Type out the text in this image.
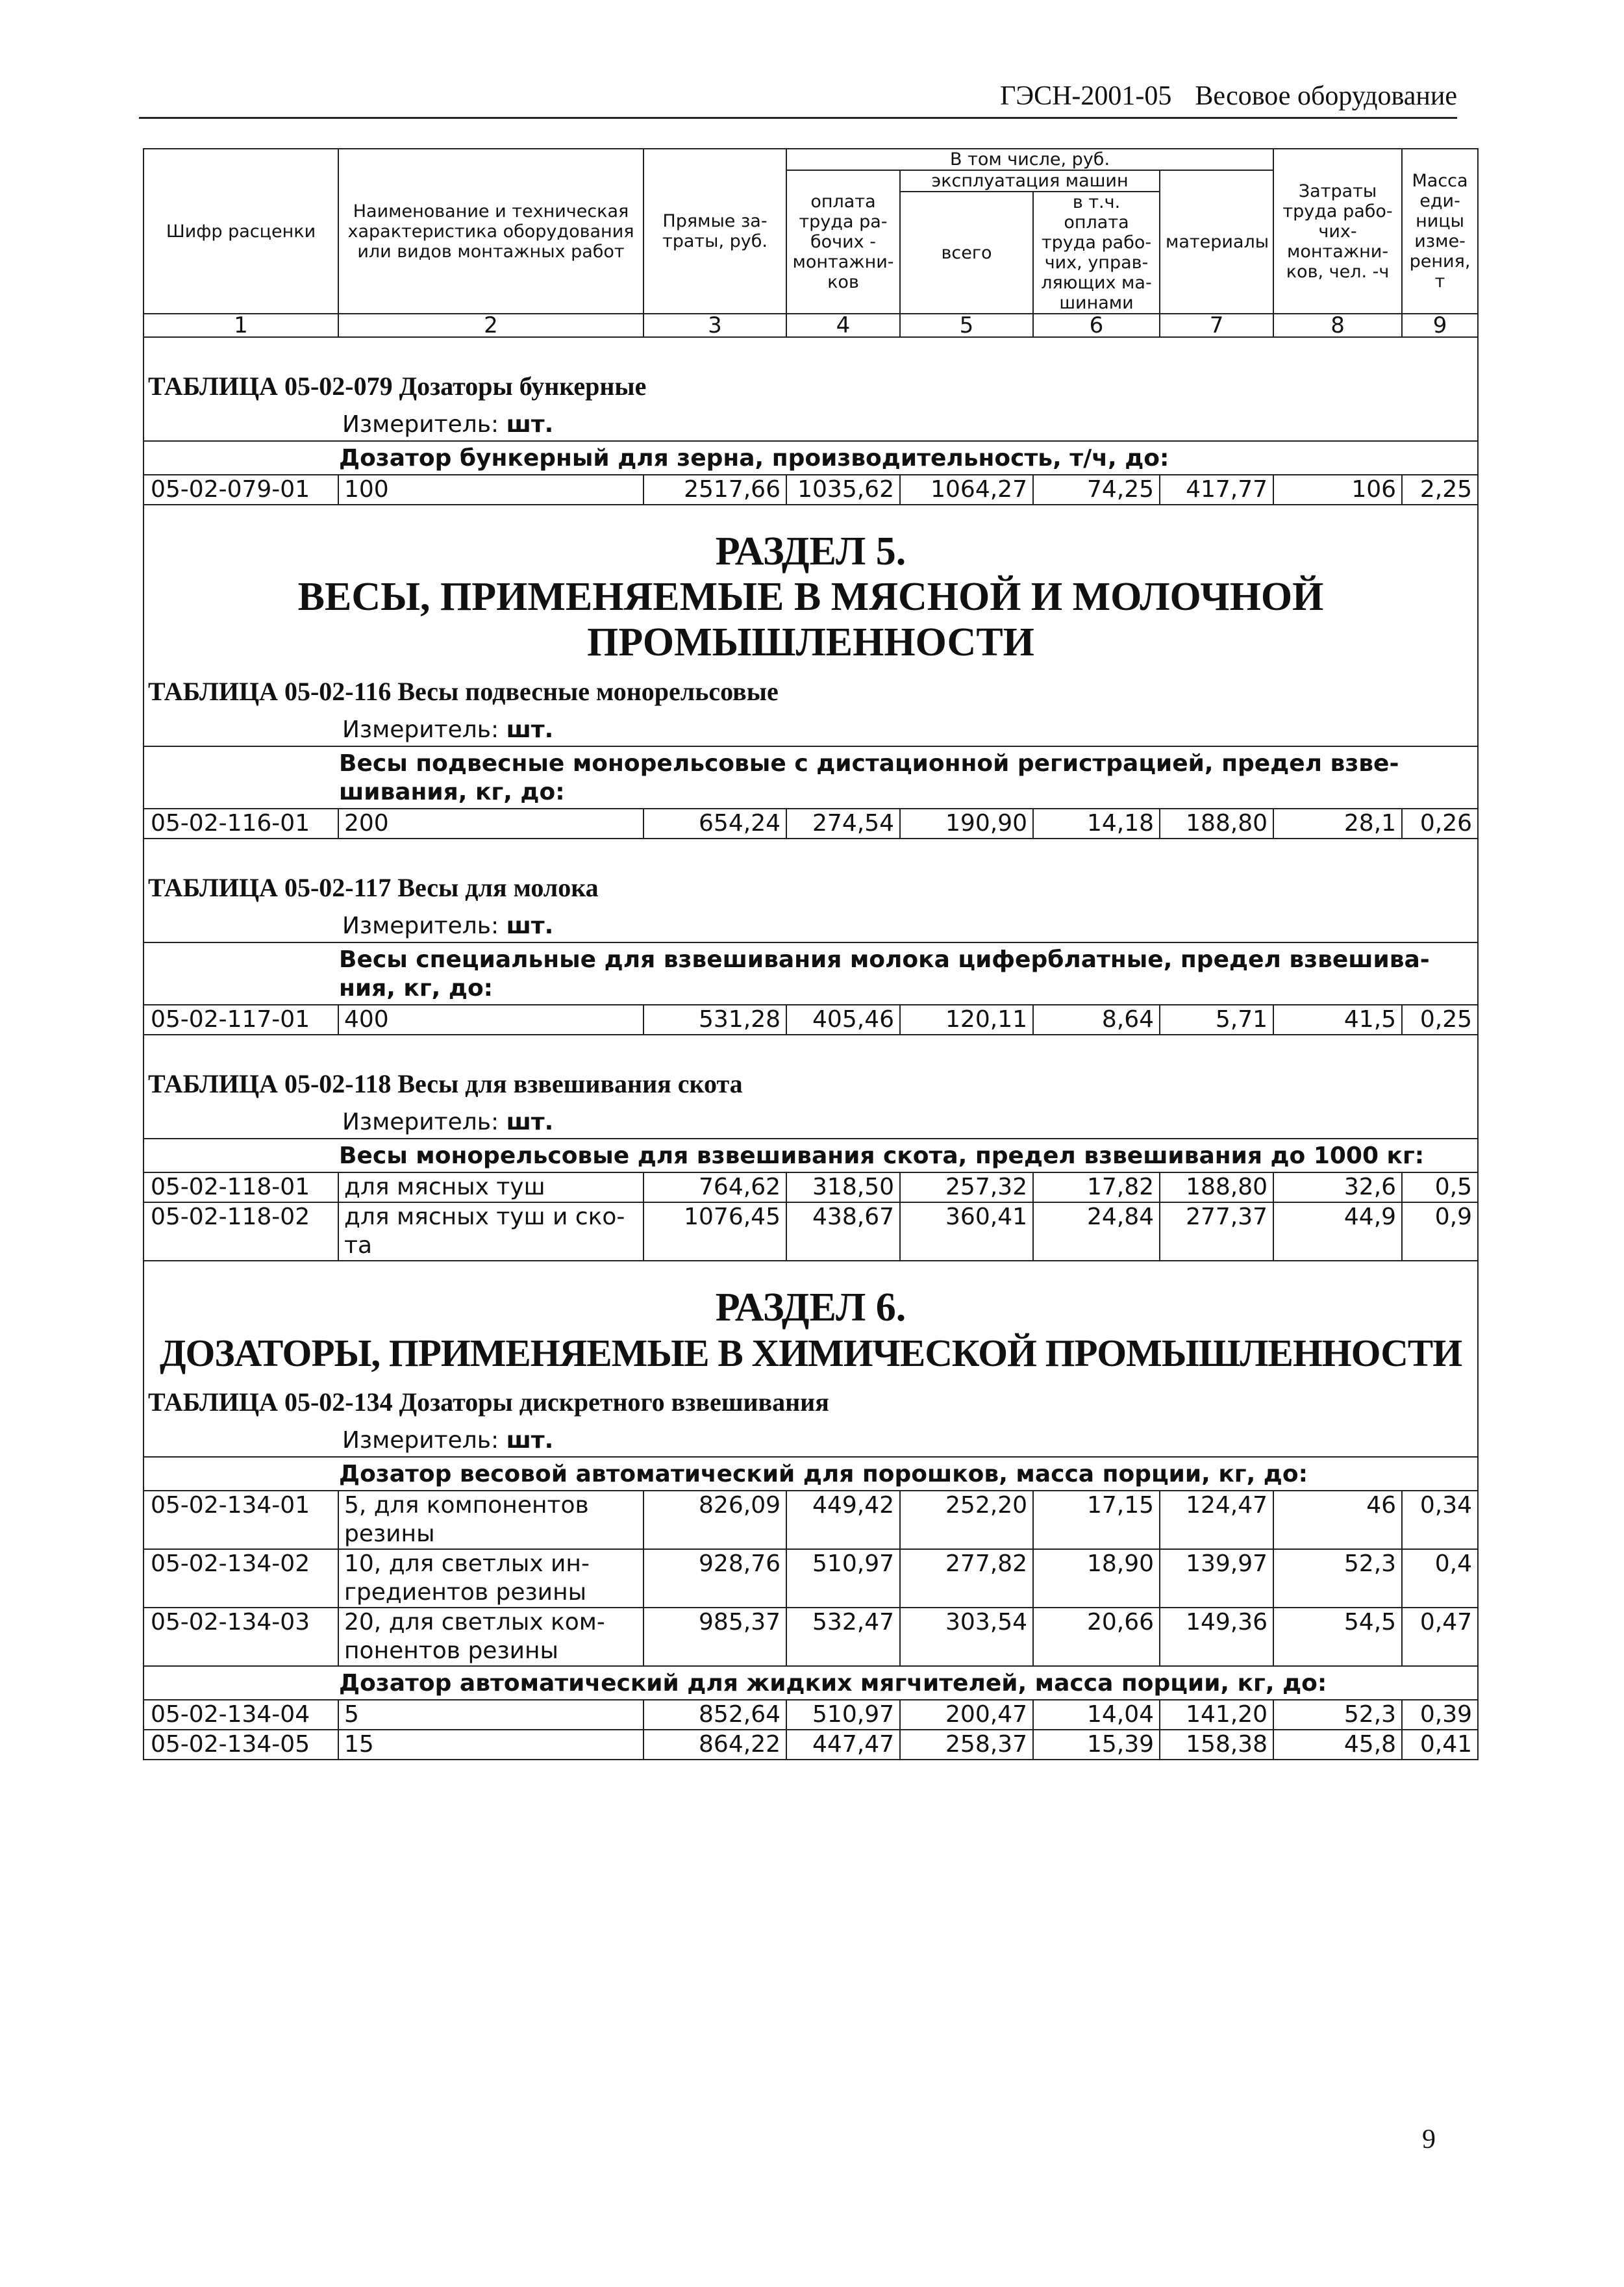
ГЭСН-2001-05 Весовое оборудование
Шифр расценки	Наименование и техническая характеристика оборудования или видов монтажных работ	Прямые за-траты, руб.	В том числе, руб.				Затраты труда рабо-чих-монтажни-ков, чел. -ч	Масса еди-ницы изме-рения, т
			оплата труда ра-бочих - монтажни-ков	эксплуатация машин		материалы		
				всего	в т.ч. оплата труда рабо-чих, управ-ляющих ма-шинами			
1	2	3	4	5	6	7	8	9

ТАБЛИЦА 05-02-079 Дозаторы бункерные
Измеритель: шт.								

Дозатор бункерный для зерна, производительность, т/ч, до:								
05-02-079-01	100	2517,66	1035,62	1064,27	74,25	417,77	106	2,25

РАЗДЕЛ 5.
ВЕСЫ, ПРИМЕНЯЕМЫЕ В МЯСНОЙ И МОЛОЧНОЙ
ПРОМЫШЛЕННОСТИ
ТАБЛИЦА 05-02-116 Весы подвесные монорельсовые
Измеритель: шт.								

Весы подвесные монорельсовые с дистационной регистрацией, предел взве-шивания, кг, до:								
05-02-116-01	200	654,24	274,54	190,90	14,18	188,80	28,1	0,26

ТАБЛИЦА 05-02-117 Весы для молока
Измеритель: шт.								

Весы специальные для взвешивания молока циферблатные, предел взвешива-ния, кг, до:								
05-02-117-01	400	531,28	405,46	120,11	8,64	5,71	41,5	0,25

ТАБЛИЦА 05-02-118 Весы для взвешивания скота
Измеритель: шт.								

Весы монорельсовые для взвешивания скота, предел взвешивания до 1000 кг:								
05-02-118-01	для мясных туш	764,62	318,50	257,32	17,82	188,80	32,6	0,5
05-02-118-02	для мясных туш и ско-та	1076,45	438,67	360,41	24,84	277,37	44,9	0,9

РАЗДЕЛ 6.
ДОЗАТОРЫ, ПРИМЕНЯЕМЫЕ В ХИМИЧЕСКОЙ ПРОМЫШЛЕННОСТИ
ТАБЛИЦА 05-02-134 Дозаторы дискретного взвешивания
Измеритель: шт.								

Дозатор весовой автоматический для порошков, масса порции, кг, до:								
05-02-134-01	5, для компонентов резины	826,09	449,42	252,20	17,15	124,47	46	0,34
05-02-134-02	10, для светлых ин-гредиентов резины	928,76	510,97	277,82	18,90	139,97	52,3	0,4
05-02-134-03	20, для светлых ком-понентов резины	985,37	532,47	303,54	20,66	149,36	54,5	0,47
Дозатор автоматический для жидких мягчителей, масса порции, кг, до:								
05-02-134-04	5	852,64	510,97	200,47	14,04	141,20	52,3	0,39
05-02-134-05	15	864,22	447,47	258,37	15,39	158,38	45,8	0,41
9
